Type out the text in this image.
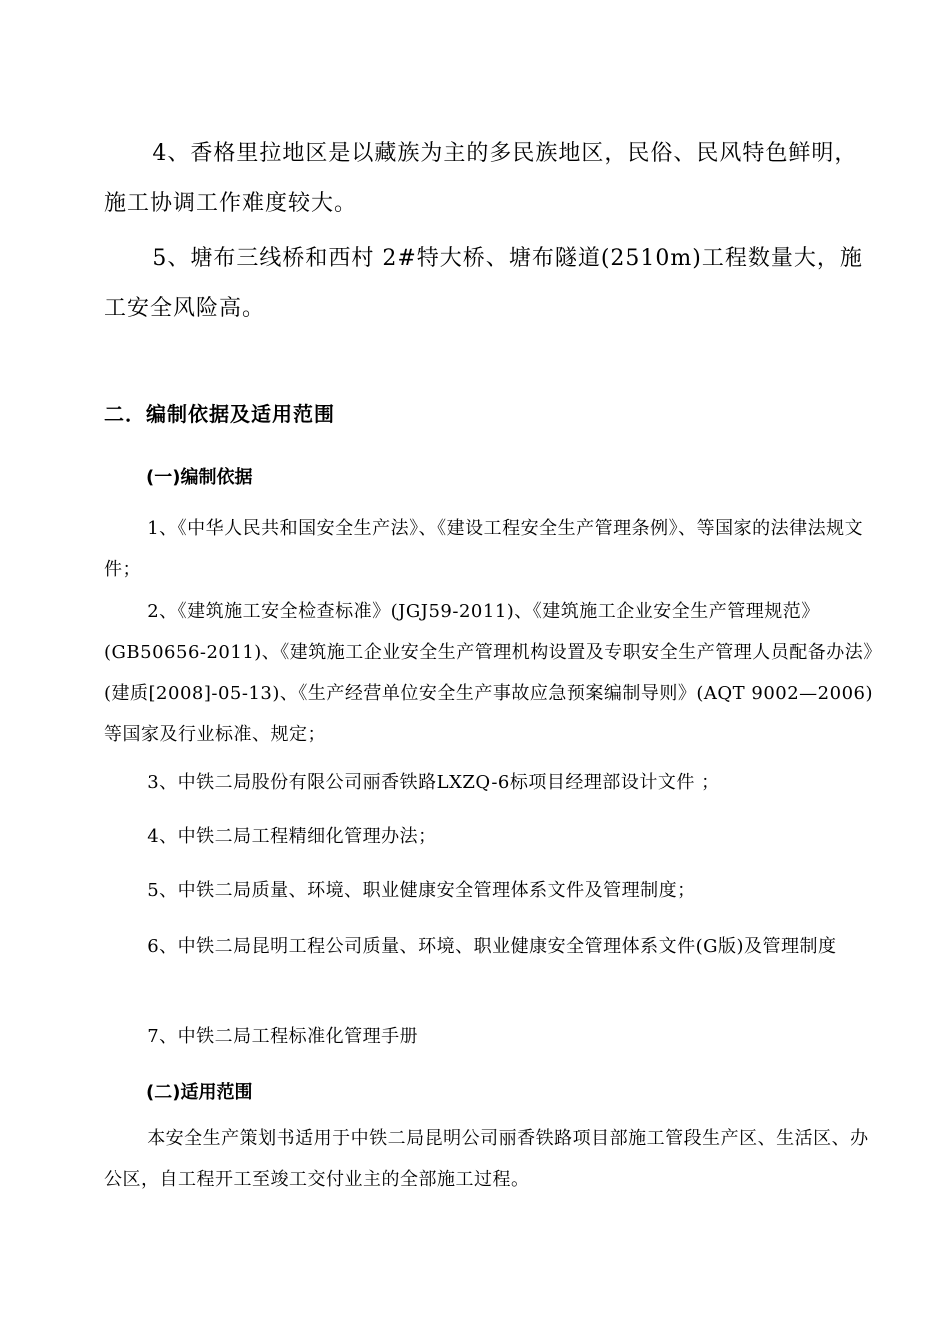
4、香格里拉地区是以藏族为主的多民族地区，民俗、民风特色鲜明，施工协调工作难度较大。

5、塘布三线桥和西村 2#特大桥、塘布隧道(2510m)工程数量大，施工安全风险高。

二．编制依据及适用范围

(一)编制依据

1、《中华人民共和国安全生产法》、《建设工程安全生产管理条例》、等国家的法律法规文件；

2、《建筑施工安全检查标准》(JGJ59-2011)、《建筑施工企业安全生产管理规范》(GB50656-2011)、《建筑施工企业安全生产管理机构设置及专职安全生产管理人员配备办法》(建质[2008]-05-13)、《生产经营单位安全生产事故应急预案编制导则》(AQT 9002—2006)等国家及行业标准、规定；

3、中铁二局股份有限公司丽香铁路LXZQ-6标项目经理部设计文件 ；

4、中铁二局工程精细化管理办法；

5、中铁二局质量、环境、职业健康安全管理体系文件及管理制度；

6、中铁二局昆明工程公司质量、环境、职业健康安全管理体系文件(G版)及管理制度

7、中铁二局工程标准化管理手册

(二)适用范围

本安全生产策划书适用于中铁二局昆明公司丽香铁路项目部施工管段生产区、生活区、办公区，自工程开工至竣工交付业主的全部施工过程。
